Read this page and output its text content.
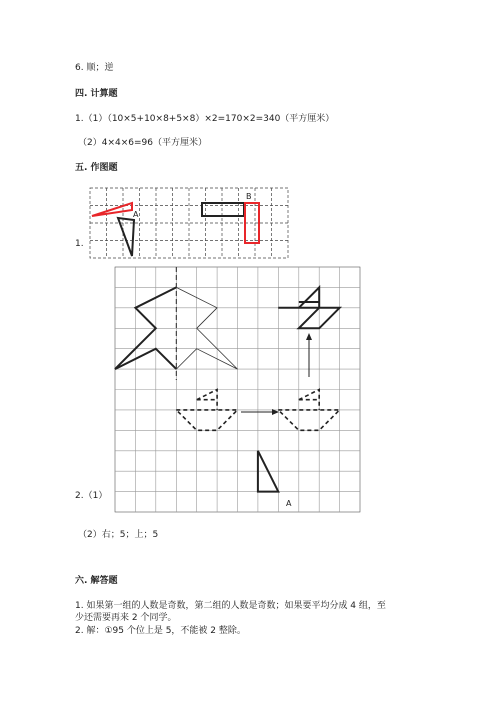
6. 顺；逆
四. 计算题
1.（1）（10×5+10×8+5×8）×2=170×2=340（平方厘米）
（2）4×4×6=96（平方厘米）
五. 作图题
1.
A
B
2.（1）
A
（2）右；5；上；5
六. 解答题
1. 如果第一组的人数是奇数，第二组的人数是奇数；如果要平均分成 4 组，至
少还需要再来 2 个同学。
2. 解：①95 个位上是 5，不能被 2 整除。
